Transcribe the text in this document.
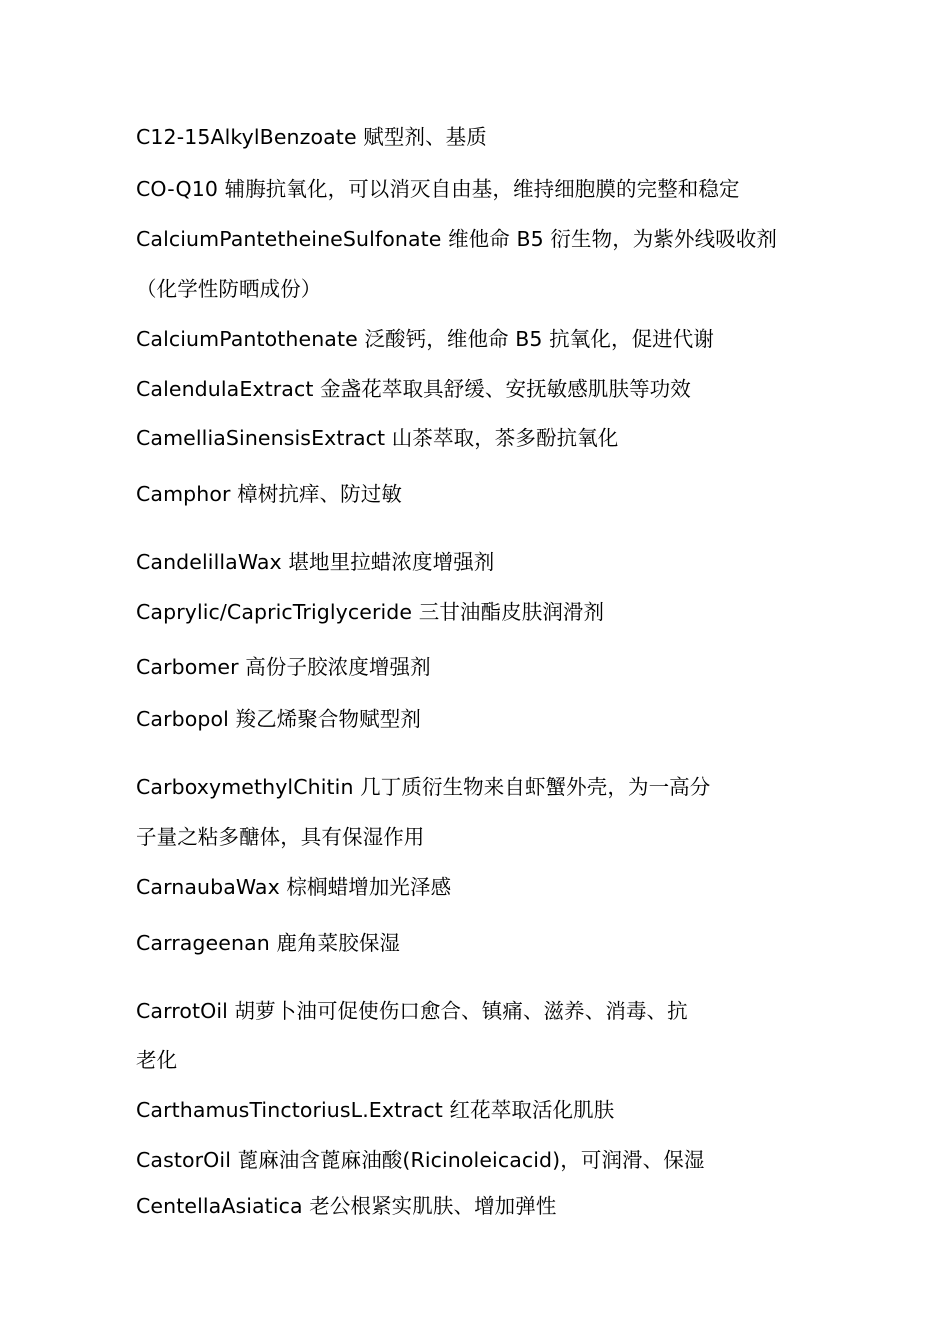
C12-15AlkylBenzoate 赋型剂、基质
CO-Q10 辅脢抗氧化，可以消灭自由基，维持细胞膜的完整和稳定
CalciumPantetheineSulfonate 维他命 B5 衍生物，为紫外线吸收剂
（化学性防晒成份）
CalciumPantothenate 泛酸钙，维他命 B5 抗氧化，促进代谢
CalendulaExtract 金盏花萃取具舒缓、安抚敏感肌肤等功效
CamelliaSinensisExtract 山茶萃取，茶多酚抗氧化
Camphor 樟树抗痒、防过敏
CandelillaWax 堪地里拉蜡浓度增强剂
Caprylic/CapricTriglyceride 三甘油酯皮肤润滑剂
Carbomer 高份子胶浓度增强剂
Carbopol 羧乙烯聚合物赋型剂
CarboxymethylChitin 几丁质衍生物来自虾蟹外壳，为一高分
子量之粘多醣体，具有保湿作用
CarnaubaWax 棕榈蜡增加光泽感
Carrageenan 鹿角菜胶保湿
CarrotOil 胡萝卜油可促使伤口愈合、镇痛、滋养、消毒、抗
老化
CarthamusTinctoriusL.Extract 红花萃取活化肌肤
CastorOil 蓖麻油含蓖麻油酸(Ricinoleicacid)，可润滑、保湿
CentellaAsiatica 老公根紧实肌肤、增加弹性
